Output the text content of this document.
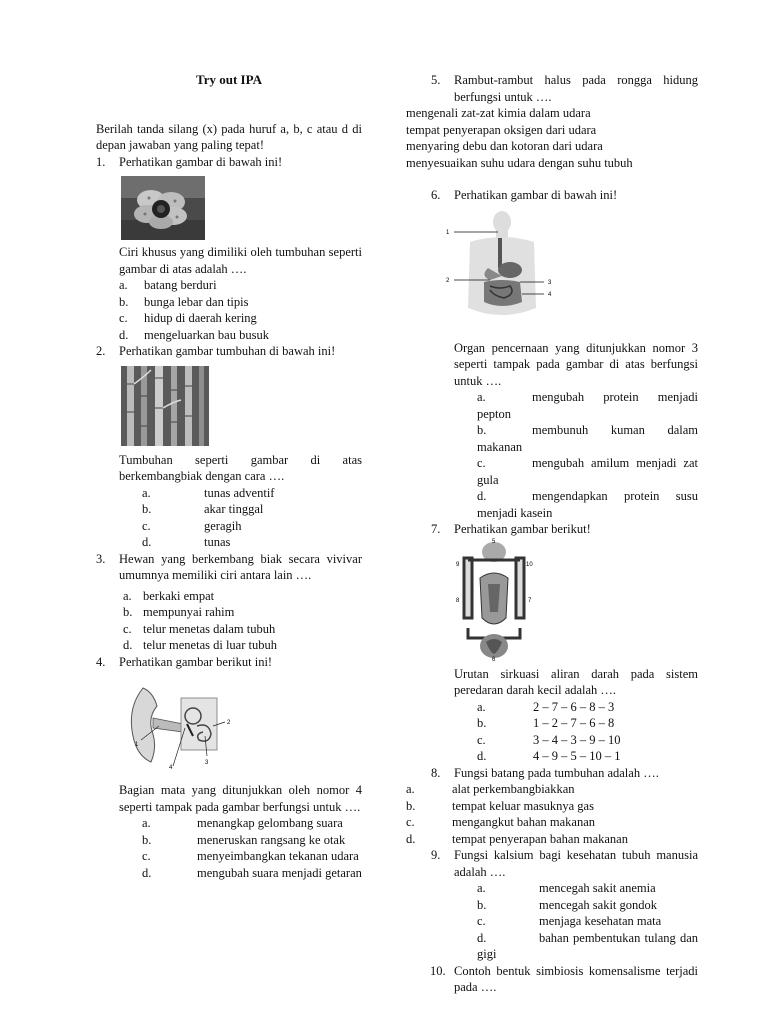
Try out IPA
Berilah tanda silang (x) pada huruf a, b, c atau d di depan jawaban yang paling tepat!
1. Perhatikan gambar di bawah ini!
Ciri khusus yang dimiliki oleh tumbuhan seperti gambar di atas adalah ….
a. batang berduri
b. bunga lebar dan tipis
c. hidup di daerah kering
d. mengeluarkan bau busuk
2. Perhatikan gambar tumbuhan di bawah ini!
Tumbuhan seperti gambar di atas berkembangbiak dengan cara ….
a.	tunas adventif
b.	akar tinggal
c.	geragih
d.	tunas
3. Hewan yang berkembang biak secara vivivar umumnya memiliki ciri antara lain ….
a. berkaki empat
b. mempunyai rahim
c. telur menetas dalam tubuh
d. telur menetas di luar tubuh
4. Perhatikan gambar berikut ini!
1
4
3
2
Bagian mata yang ditunjukkan oleh nomor 4 seperti tampak pada gambar berfungsi untuk ….
a.	menangkap gelombang suara
b.	meneruskan rangsang ke otak
c.	menyeimbangkan tekanan udara
d.	mengubah suara menjadi getaran
5. Rambut-rambut halus pada rongga hidung berfungsi untuk ….
mengenali zat-zat kimia dalam udara
tempat penyerapan oksigen dari udara
menyaring debu dan kotoran dari udara
menyesuaikan suhu udara dengan suhu tubuh
6. Perhatikan gambar di bawah ini!
1
2	3
4
Organ pencernaan yang ditunjukkan nomor 3 seperti tampak pada gambar di atas berfungsi untuk ….
a.	mengubah protein menjadi pepton
b.	membunuh kuman dalam makanan
c.	mengubah amilum menjadi zat gula
d.	mengendapkan protein susu menjadi kasein
7. Perhatikan gambar berikut!
5
9	10
8	7
6
Urutan sirkuasi aliran darah pada sistem peredaran darah kecil adalah ….
a.	2 – 7 – 6 – 8 – 3
b.	1 – 2 – 7 – 6 – 8
c.	3 – 4 – 3 – 9 – 10
d.	4 – 9 – 5 – 10 – 1
8. Fungsi batang pada tumbuhan adalah ….
a.	alat perkembangbiakkan
b.	tempat keluar masuknya gas
c.	mengangkut bahan makanan
d.	tempat penyerapan bahan makanan
9. Fungsi kalsium bagi kesehatan tubuh manusia adalah ….
a.	mencegah sakit anemia
b.	mencegah sakit gondok
c.	menjaga kesehatan mata
d.	bahan pembentukan tulang dan gigi
10. Contoh bentuk simbiosis komensalisme terjadi pada ….
